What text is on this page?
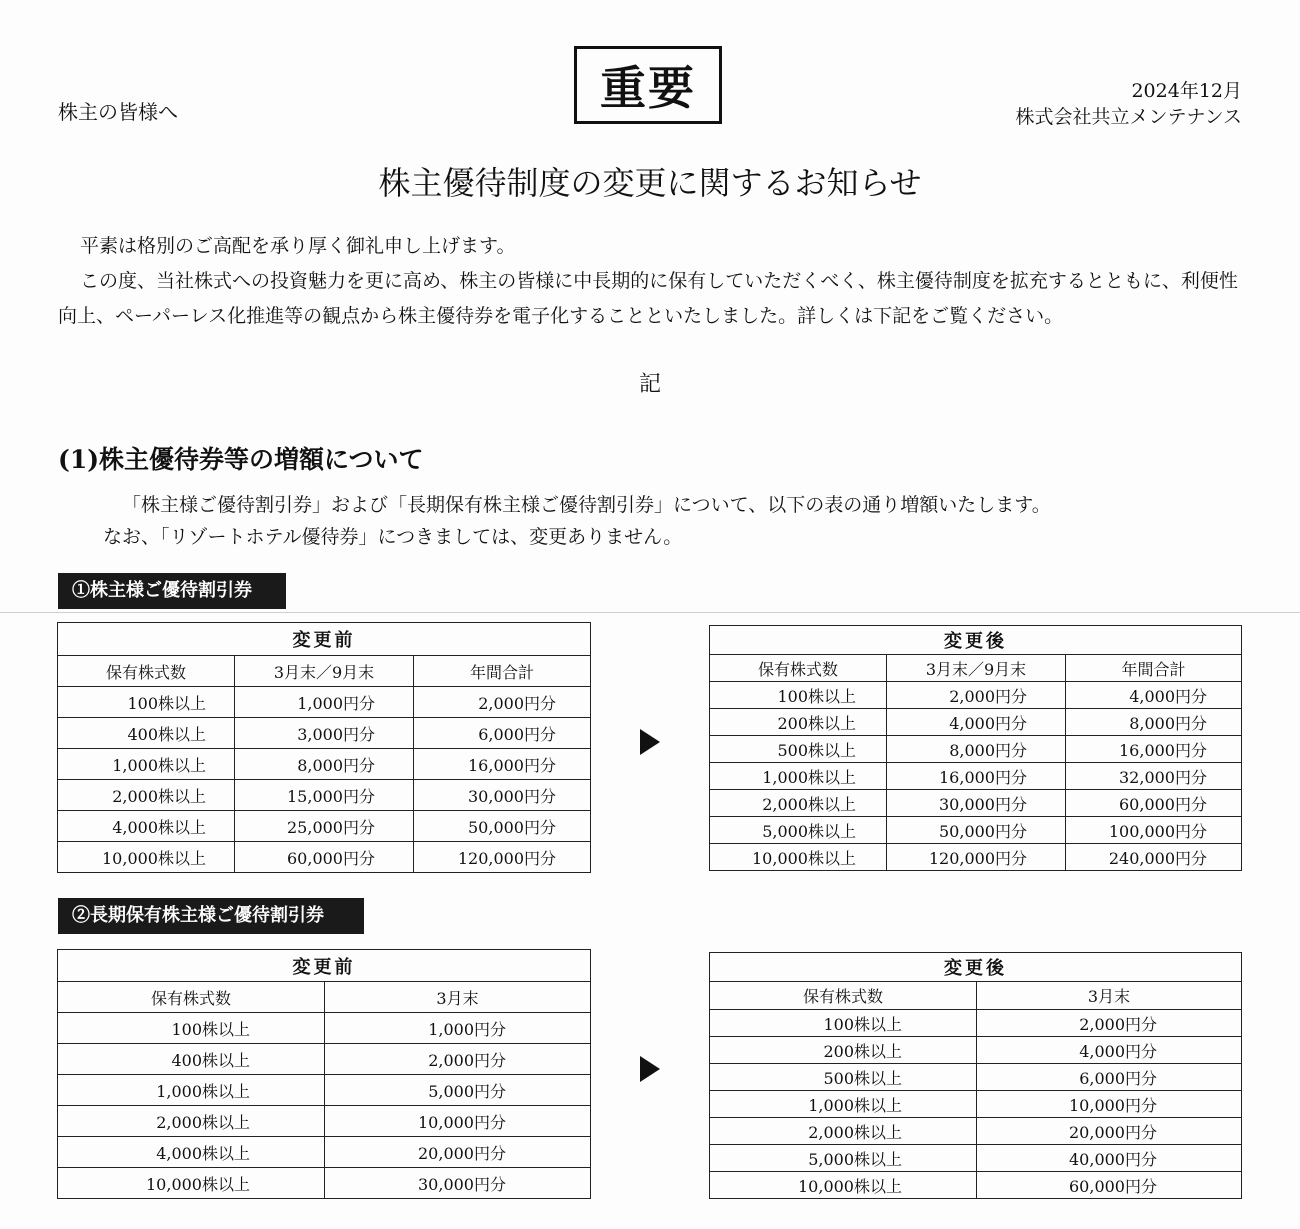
株主の皆様へ	重要	2024年12月
株式会社共立メンテナンス
株主優待制度の変更に関するお知らせ
平素は格別のご高配を承り厚く御礼申し上げます。
この度、当社株式への投資魅力を更に高め、株主の皆様に中長期的に保有していただくべく、株主優待制度を拡充するとともに、利便性向上、ペーパーレス化推進等の観点から株主優待券を電子化することといたしました。詳しくは下記をご覧ください。
記
(1)株主優待券等の増額について
「株主様ご優待割引券」および「長期保有株主様ご優待割引券」について、以下の表の通り増額いたします。
なお、「リゾートホテル優待券」につきましては、変更ありません。
①株主様ご優待割引券
変更前		
保有株式数	3月末／9月末	年間合計
100株以上	1,000円分	2,000円分
400株以上	3,000円分	6,000円分
1,000株以上	8,000円分	16,000円分
2,000株以上	15,000円分	30,000円分
4,000株以上	25,000円分	50,000円分
10,000株以上	60,000円分	120,000円分
変更後		
保有株式数	3月末／9月末	年間合計
100株以上	2,000円分	4,000円分
200株以上	4,000円分	8,000円分
500株以上	8,000円分	16,000円分
1,000株以上	16,000円分	32,000円分
2,000株以上	30,000円分	60,000円分
5,000株以上	50,000円分	100,000円分
10,000株以上	120,000円分	240,000円分
②長期保有株主様ご優待割引券
変更前	
保有株式数	3月末
100株以上	1,000円分
400株以上	2,000円分
1,000株以上	5,000円分
2,000株以上	10,000円分
4,000株以上	20,000円分
10,000株以上	30,000円分
変更後	
保有株式数	3月末
100株以上	2,000円分
200株以上	4,000円分
500株以上	6,000円分
1,000株以上	10,000円分
2,000株以上	20,000円分
5,000株以上	40,000円分
10,000株以上	60,000円分
